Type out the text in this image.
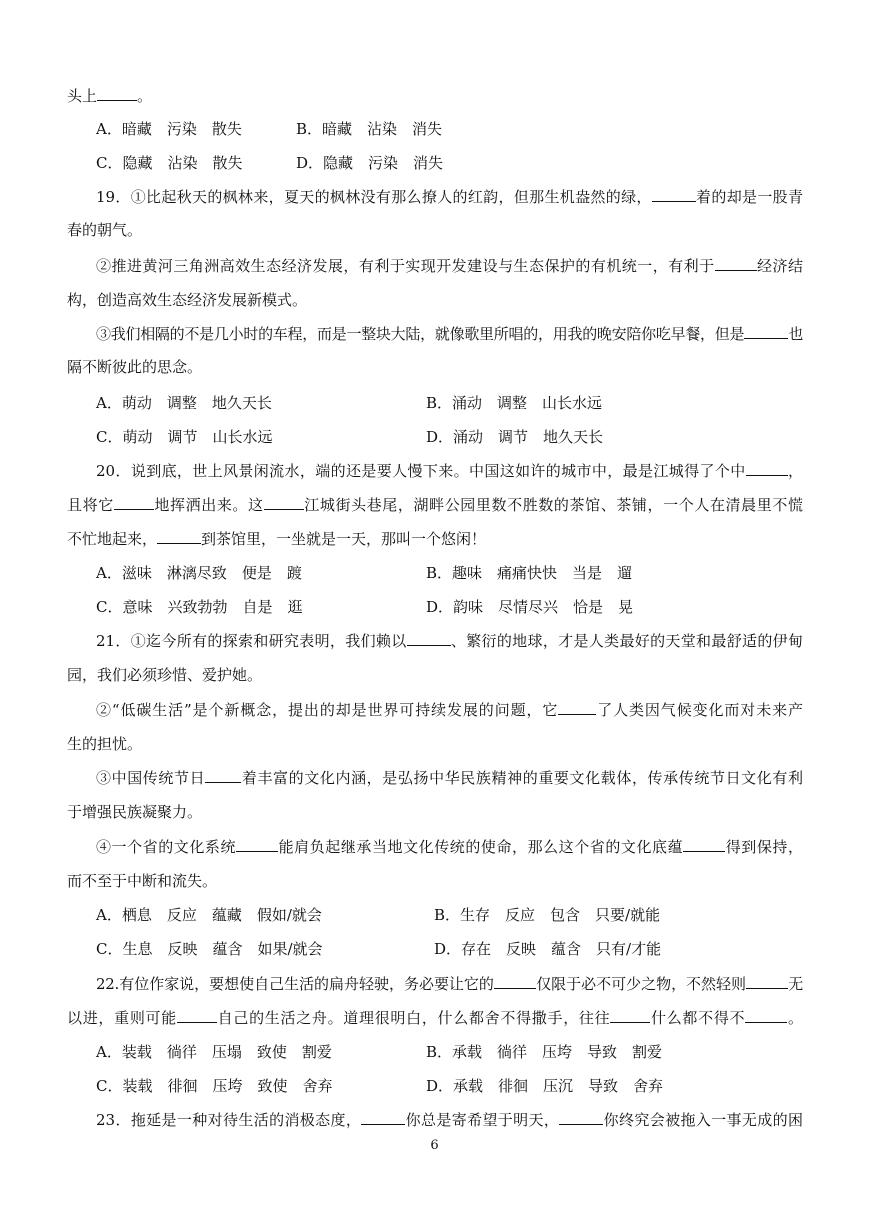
头上	。
A．暗藏　污染　散失	B．暗藏　沾染　消失
C．隐藏　沾染　散失	D．隐藏　污染　消失
19．①比起秋天的枫林来，夏天的枫林没有那么撩人的红韵，但那生机盎然的绿，	着的却是一股青
春的朝气。
②推进黄河三角洲高效生态经济发展，有利于实现开发建设与生态保护的有机统一，有利于	经济结
构，创造高效生态经济发展新模式。
③我们相隔的不是几小时的车程，而是一整块大陆，就像歌里所唱的，用我的晚安陪你吃早餐，但是	也
隔不断彼此的思念。
A．萌动　调整　地久天长	B．涌动　调整　山长水远
C．萌动　调节　山长水远	D．涌动　调节　地久天长
20．说到底，世上风景闲流水，端的还是要人慢下来。中国这如许的城市中，最是江城得了个中	，
且将它	地挥洒出来。这	江城街头巷尾，湖畔公园里数不胜数的茶馆、茶铺，一个人在清晨里不慌
不忙地起来，	到茶馆里，一坐就是一天，那叫一个悠闲！
A．滋味　淋漓尽致　便是　踱	B．趣味　痛痛快快　当是　遛
C．意味　兴致勃勃　自是　逛	D．韵味　尽情尽兴　恰是　晃
21．①迄今所有的探索和研究表明，我们赖以	、繁衍的地球，才是人类最好的天堂和最舒适的伊甸
园，我们必须珍惜、爱护她。
②“低碳生活”是个新概念，提出的却是世界可持续发展的问题，它	了人类因气候变化而对未来产
生的担忧。
③中国传统节日 着丰富的文化内涵，是弘扬中华民族精神的重要文化载体，传承传统节日文化有利
于增强民族凝聚力。
④一个省的文化系统	能肩负起继承当地文化传统的使命，那么这个省的文化底蕴	得到保持，
而不至于中断和流失。
A．栖息　反应　蕴藏　假如/就会	B．生存　反应　包含　只要/就能
C．生息　反映　蕴含　如果/就会	D．存在　反映　蕴含　只有/才能
22.有位作家说，要想使自己生活的扁舟轻驶，务必要让它的	仅限于必不可少之物，不然轻则	无
以进，重则可能	自己的生活之舟。道理很明白，什么都舍不得撒手，往往	什么都不得不	。
A．装载　徜徉　压塌　致使　割爱	B．承载　徜徉　压垮　导致　割爱
C．装载　徘徊　压垮　致使　舍弃	D．承载　徘徊　压沉　导致　舍弃
23．拖延是一种对待生活的消极态度，	你总是寄希望于明天，	你终究会被拖入一事无成的困
6
